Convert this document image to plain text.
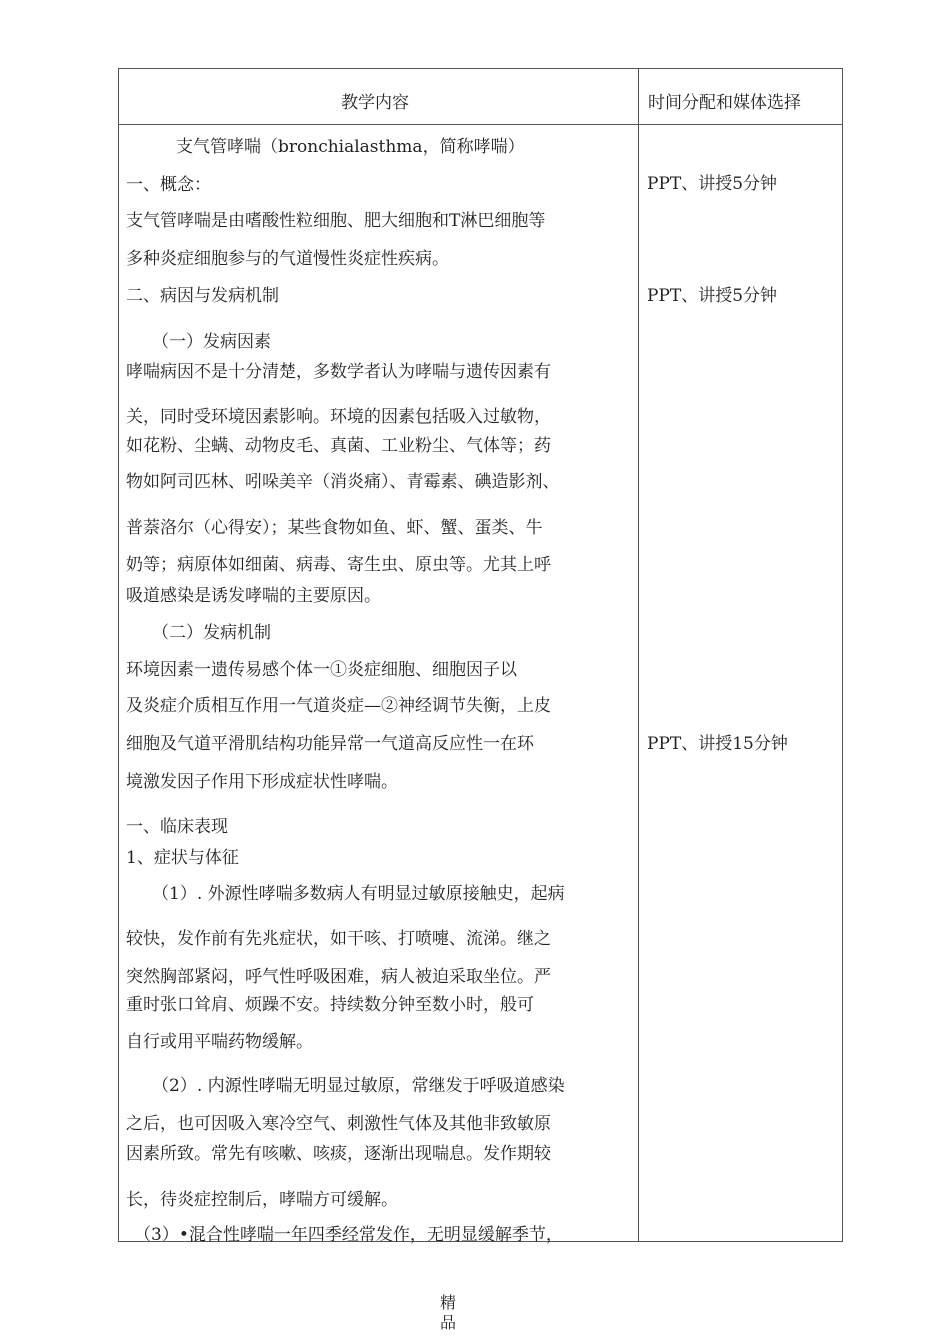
教学内容	时间分配和媒体选择
支气管哮喘（bronchialasthma，简称哮喘）
一、概念：
支气管哮喘是由嗜酸性粒细胞、肥大细胞和T淋巴细胞等
多种炎症细胞参与的气道慢性炎症性疾病。
二、病因与发病机制
（一）发病因素
哮喘病因不是十分清楚，多数学者认为哮喘与遗传因素有
关，同时受环境因素影响。环境的因素包括吸入过敏物，
如花粉、尘螨、动物皮毛、真菌、工业粉尘、气体等；药
物如阿司匹林、吲哚美辛（消炎痛）、青霉素、碘造影剂、
普萘洛尔（心得安）；某些食物如鱼、虾、蟹、蛋类、牛
奶等；病原体如细菌、病毒、寄生虫、原虫等。尤其上呼
吸道感染是诱发哮喘的主要原因。
（二）发病机制
环境因素一遗传易感个体一①炎症细胞、细胞因子以
及炎症介质相互作用一气道炎症—②神经调节失衡，上皮
细胞及气道平滑肌结构功能异常一气道高反应性一在环
境激发因子作用下形成症状性哮喘。
一、临床表现
1、症状与体征
（1）. 外源性哮喘多数病人有明显过敏原接触史，起病
较快，发作前有先兆症状，如干咳、打喷嚏、流涕。继之
突然胸部紧闷，呼气性呼吸困难，病人被迫采取坐位。严
重时张口耸肩、烦躁不安。持续数分钟至数小时，般可
自行或用平喘药物缓解。
（2）. 内源性哮喘无明显过敏原，常继发于呼吸道感染
之后，也可因吸入寒冷空气、刺激性气体及其他非致敏原
因素所致。常先有咳嗽、咳痰，逐渐出现喘息。发作期较
长，待炎症控制后，哮喘方可缓解。
（3）•混合性哮喘一年四季经常发作，无明显缓解季节，
PPT、讲授5分钟
PPT、讲授5分钟
PPT、讲授15分钟
精
品
